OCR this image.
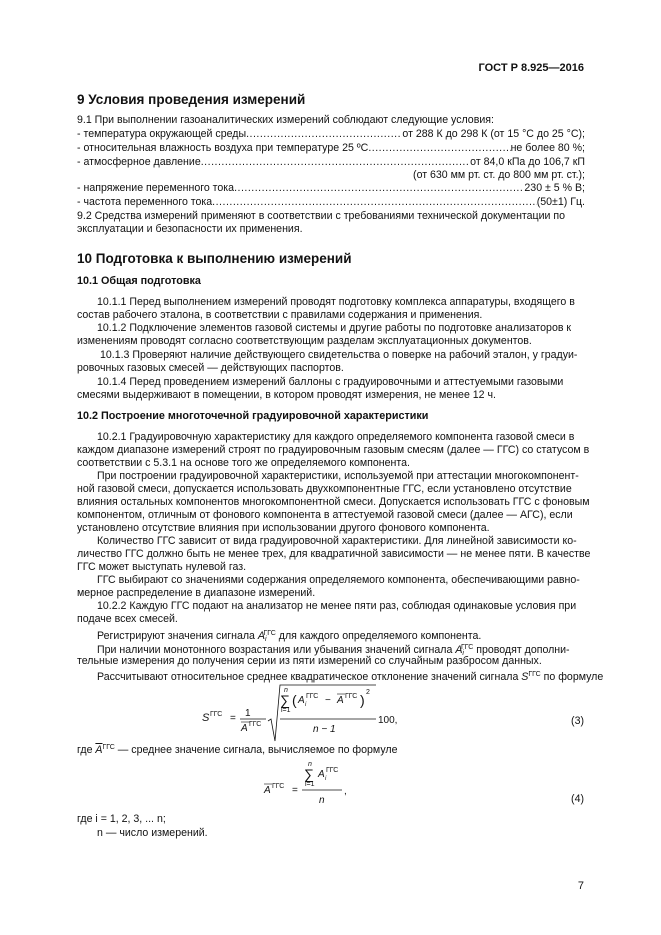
ГОСТ Р 8.925—2016
9 Условия проведения измерений
9.1 При выполнении газоаналитических измерений соблюдают следующие условия:
- температура окружающей среды .....	от 288 К до 298 К (от 15 °С до 25 °С);
- относительная влажность воздуха при температуре 25 ºС .....	не более 80 %;
- атмосферное давление .....	от 84,0 кПа до 106,7 кП
(от 630 мм рт. ст. до 800 мм рт. ст.);
- напряжение переменного тока .....	230 ± 5 % В;
- частота переменного тока .....	(50±1) Гц.
9.2 Средства измерений применяют в соответствии с требованиями технической документации по
эксплуатации и безопасности их применения.
10 Подготовка к выполнению измерений
10.1 Общая подготовка
10.1.1 Перед выполнением измерений проводят подготовку комплекса аппаратуры, входящего в
состав рабочего эталона, в соответствии с правилами содержания и применения.
10.1.2 Подключение элементов газовой системы и другие работы по подготовке анализаторов к
изменениям проводят согласно соответствующим разделам эксплуатационных документов.
10.1.3 Проверяют наличие действующего свидетельства о поверке на рабочий эталон, у градуи-
ровочных газовых смесей — действующих паспортов.
10.1.4 Перед проведением измерений баллоны с градуировочными и аттестуемыми газовыми
смесями выдерживают в помещении, в котором проводят измерения, не менее 12 ч.
10.2 Построение многоточечной градуировочной характеристики
10.2.1 Градуировочную характеристику для каждого определяемого компонента газовой смеси в
каждом диапазоне измерений строят по градуировочным газовым смесям (далее — ГГС) со статусом в
соответствии с 5.3.1 на основе того же определяемого компонента.
При построении градуировочной характеристики, используемой при аттестации многокомпонент-
ной газовой смеси, допускается использовать двухкомпонентные ГГС, если установлено отсутствие
влияния остальных компонентов многокомпонентной смеси. Допускается использовать ГГС с фоновым
компонентом, отличным от фонового компонента в аттестуемой газовой смеси (далее — АГС), если
установлено отсутствие влияния при использовании другого фонового компонента.
Количество ГГС зависит от вида градуировочной характеристики. Для линейной зависимости ко-
личество ГГС должно быть не менее трех, для квадратичной зависимости — не менее пяти. В качестве
ГГС может выступать нулевой газ.
ГГС выбирают со значениями содержания определяемого компонента, обеспечивающими равно-
мерное распределение в диапазоне измерений.
10.2.2 Каждую ГГС подают на анализатор не менее пяти раз, соблюдая одинаковые условия при
подаче всех смесей.
Регистрируют значения сигнала $A_i^{ГГС}$ для каждого определяемого компонента.
При наличии монотонного возрастания или убывания значений сигнала $A_i^{ГГС}$ проводят дополни-
тельные измерения до получения серии из пяти измерений со случайным разбросом данных.
Рассчитывают относительное среднее квадратическое отклонение значений сигнала $S^{ГГС}$ по формуле
S ГГС = 1
A ГГС
n
∑
i=1
( A i
ГГС − A ГГС ) 2
n − 1
100,	(3)
где $\overline{A}^{ГГС}$ — среднее значение сигнала, вычисляемое по формуле
A ГГС =
n
∑
i=1
A i
ГГС
n
,
(4)
где i = 1, 2, 3, ... n;
n — число измерений.
7
